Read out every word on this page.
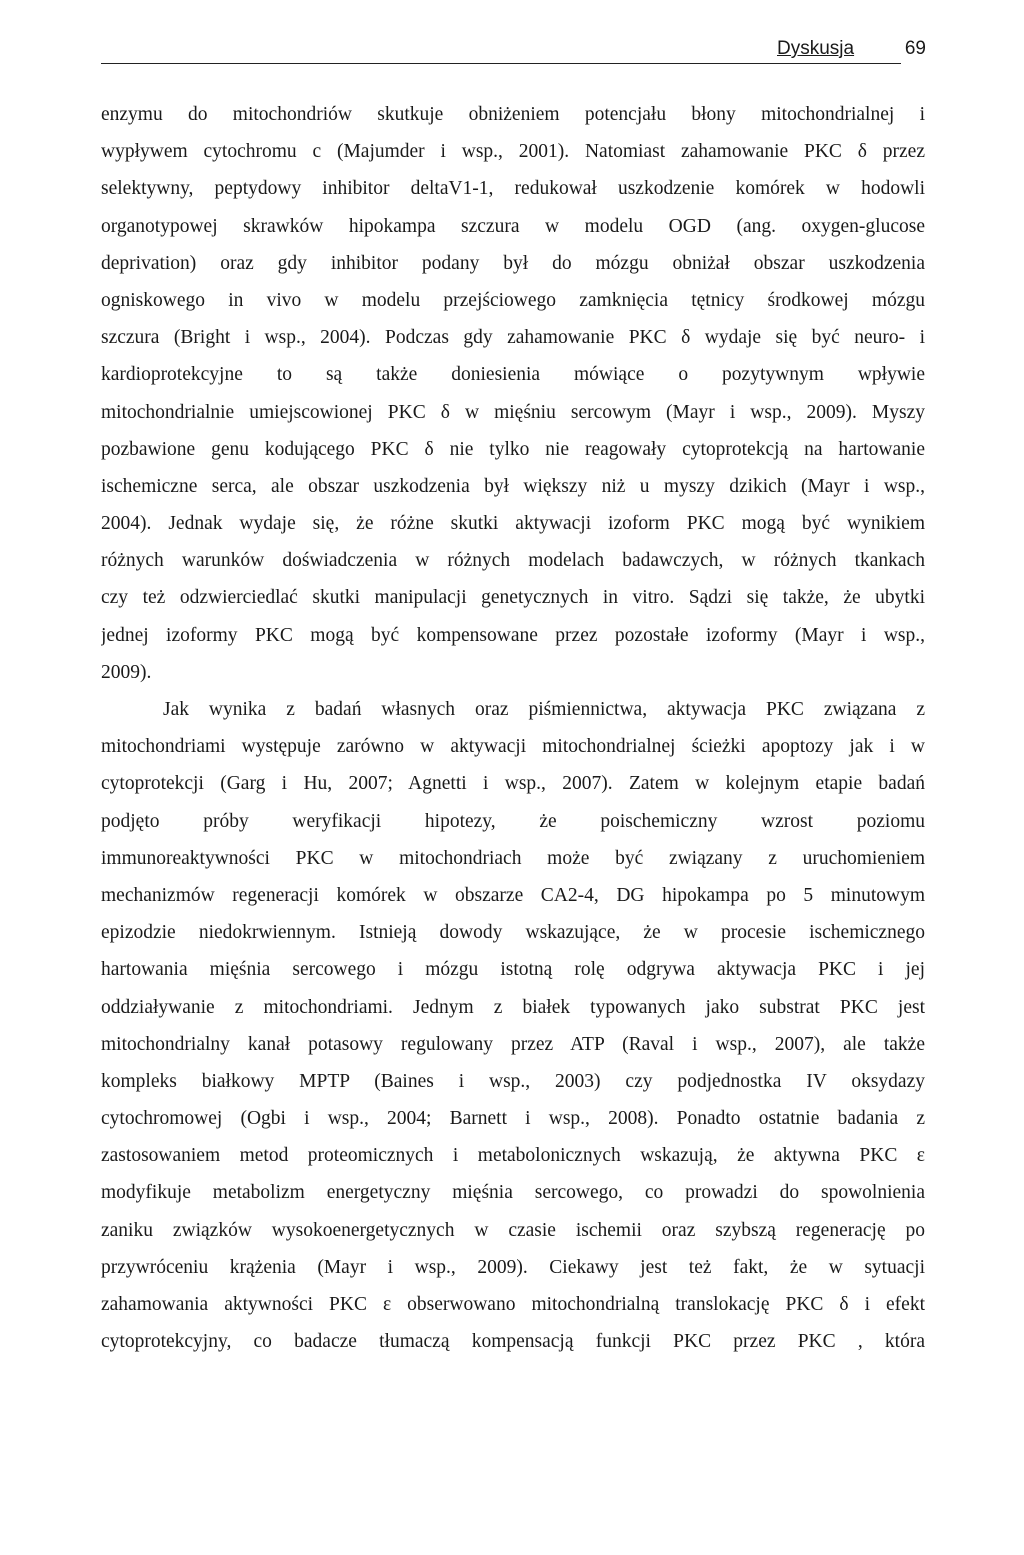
Dyskusja	69
enzymu do mitochondriów skutkuje obniżeniem potencjału błony mitochondrialnej i
wypływem cytochromu c (Majumder i wsp., 2001). Natomiast zahamowanie PKC δ przez
selektywny, peptydowy inhibitor deltaV1-1, redukował uszkodzenie komórek w hodowli
organotypowej skrawków hipokampa szczura w modelu OGD (ang. oxygen-glucose
deprivation) oraz gdy inhibitor podany był do mózgu obniżał obszar uszkodzenia
ogniskowego in vivo w modelu przejściowego zamknięcia tętnicy środkowej mózgu
szczura (Bright i wsp., 2004). Podczas gdy zahamowanie PKC δ wydaje się być neuro- i
kardioprotekcyjne to są także doniesienia mówiące o pozytywnym wpływie
mitochondrialnie umiejscowionej PKC δ w mięśniu sercowym (Mayr i wsp., 2009). Myszy
pozbawione genu kodującego PKC δ nie tylko nie reagowały cytoprotekcją na hartowanie
ischemiczne serca, ale obszar uszkodzenia był większy niż u myszy dzikich (Mayr i wsp.,
2004). Jednak wydaje się, że różne skutki aktywacji izoform PKC mogą być wynikiem
różnych warunków doświadczenia w różnych modelach badawczych, w różnych tkankach
czy też odzwierciedlać skutki manipulacji genetycznych in vitro. Sądzi się także, że ubytki
jednej izoformy PKC mogą być kompensowane przez pozostałe izoformy (Mayr i wsp.,
2009).
Jak wynika z badań własnych oraz piśmiennictwa, aktywacja PKC związana z
mitochondriami występuje zarówno w aktywacji mitochondrialnej ścieżki apoptozy jak i w
cytoprotekcji (Garg i Hu, 2007; Agnetti i wsp., 2007). Zatem w kolejnym etapie badań
podjęto próby weryfikacji hipotezy, że poischemiczny wzrost poziomu
immunoreaktywności PKC w mitochondriach może być związany z uruchomieniem
mechanizmów regeneracji komórek w obszarze CA2-4, DG hipokampa po 5 minutowym
epizodzie niedokrwiennym. Istnieją dowody wskazujące, że w procesie ischemicznego
hartowania mięśnia sercowego i mózgu istotną rolę odgrywa aktywacja PKC i jej
oddziaływanie z mitochondriami. Jednym z białek typowanych jako substrat PKC jest
mitochondrialny kanał potasowy regulowany przez ATP (Raval i wsp., 2007), ale także
kompleks białkowy MPTP (Baines i wsp., 2003) czy podjednostka IV oksydazy
cytochromowej (Ogbi i wsp., 2004; Barnett i wsp., 2008). Ponadto ostatnie badania z
zastosowaniem metod proteomicznych i metabolonicznych wskazują, że aktywna PKC ε
modyfikuje metabolizm energetyczny mięśnia sercowego, co prowadzi do spowolnienia
zaniku związków wysokoenergetycznych w czasie ischemii oraz szybszą regenerację po
przywróceniu krążenia (Mayr i wsp., 2009). Ciekawy jest też fakt, że w sytuacji
zahamowania aktywności PKC ε obserwowano mitochondrialną translokację PKC δ i efekt
cytoprotekcyjny, co badacze tłumaczą kompensacją funkcji PKC przez PKC , która
